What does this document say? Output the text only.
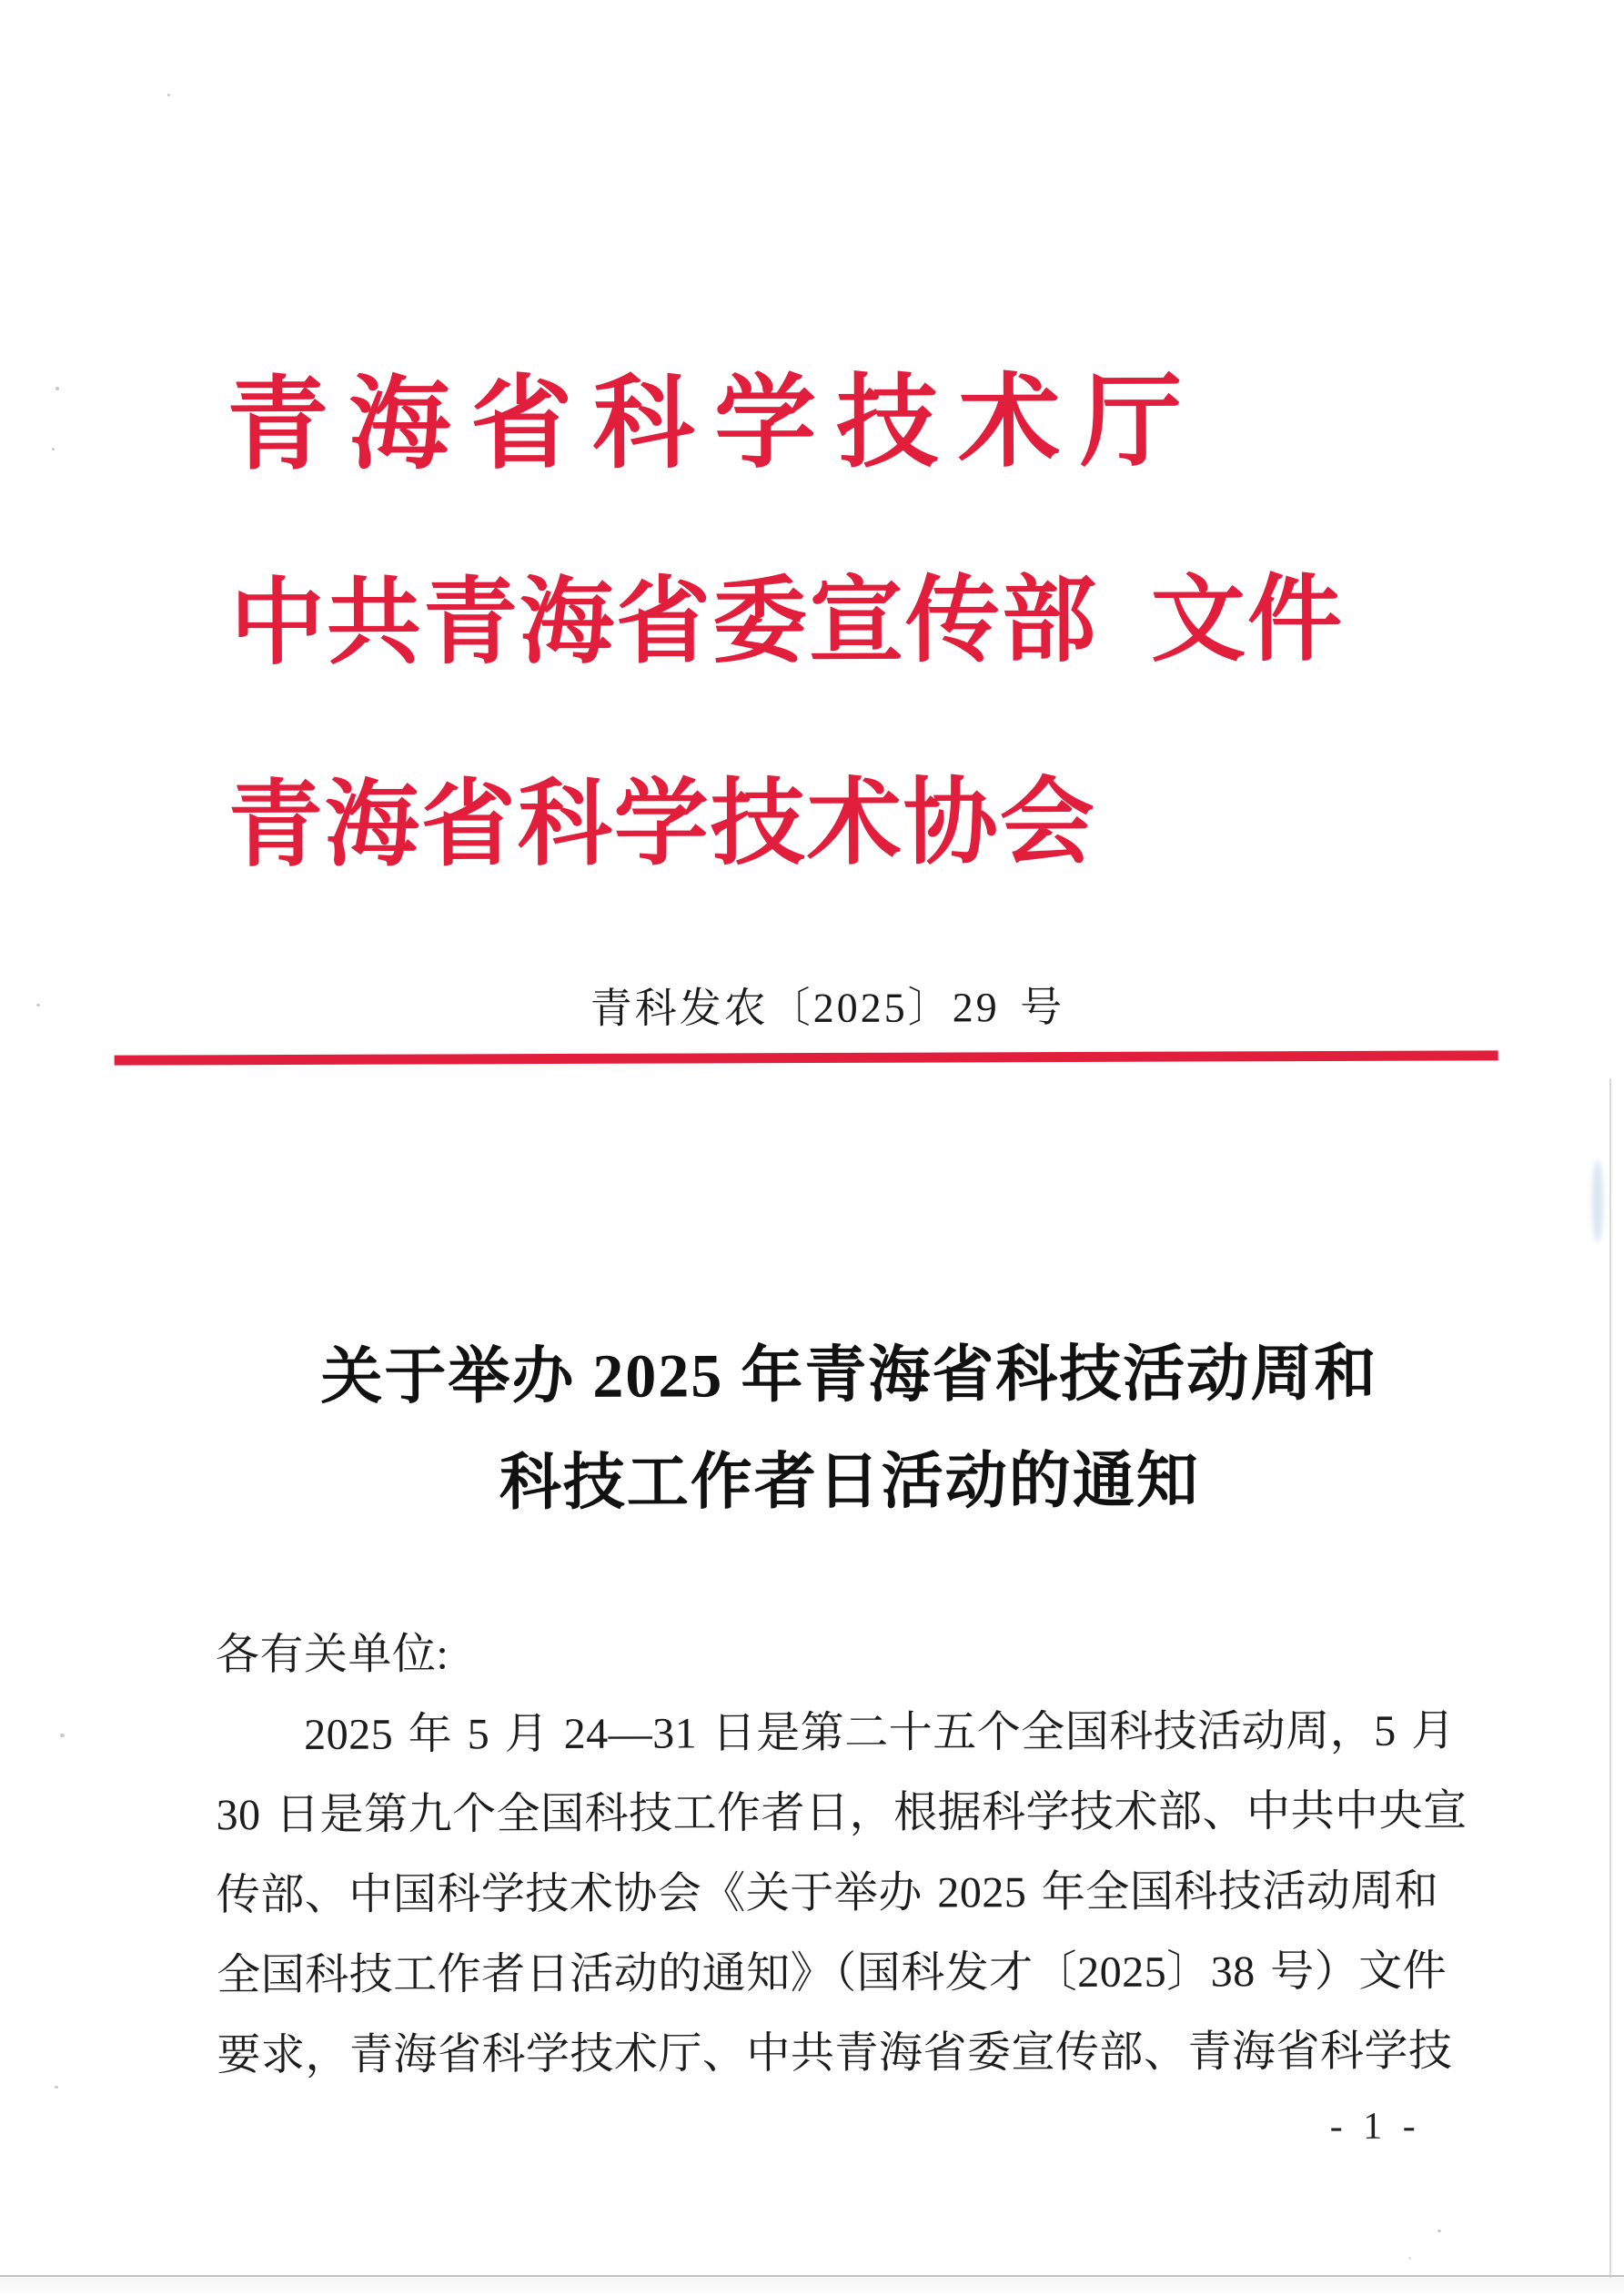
青海省科学技术厅
中共青海省委宣传部 文件
青海省科学技术协会
青科发农〔2025〕29 号
关于举办 2025 年青海省科技活动周和
科技工作者日活动的通知

各有关单位:

2025 年 5 月 24—31 日是第二十五个全国科技活动周，5 月

30 日是第九个全国科技工作者日，根据科学技术部、中共中央宣

传部、中国科学技术协会《关于举办 2025 年全国科技活动周和

全国科技工作者日活动的通知》（国科发才〔2025〕38 号）文件

要求，青海省科学技术厅、中共青海省委宣传部、青海省科学技

- 1 -
